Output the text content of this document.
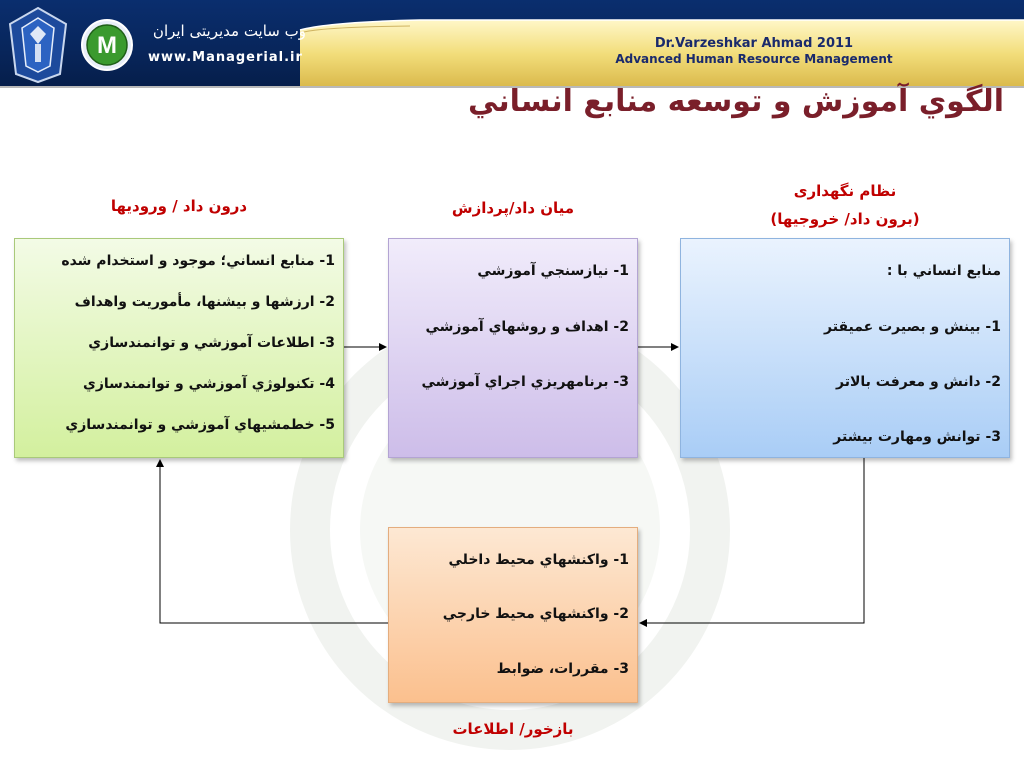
M
وب سایت مدیریتی ایران
www.Managerial.ir
Dr.Varzeshkar Ahmad 2011
Advanced Human Resource Management
الگوي آموزش و توسعه منابع انساني
درون داد / وروديها	ميان داد/پردازش
نظام نگهداری
(برون داد/ خروجيها)
بازخور/ اطلاعات
1- منابع انساني؛ موجود و استخدام شده
2- ارزشها و بيشنها، مأموريت واهداف
3- اطلاعات آموزشي و توانمندسازي
4- تكنولوژي آموزشي و توانمندسازي
5- خطمشيهاي آموزشي و توانمندسازي
1- نيازسنجي آموزشي
2- اهداف و روشهاي آموزشي
3- برنامهريزي اجراي آموزشي
منابع انساني با :
1- بينش و بصيرت عميقتر
2- دانش و معرفت بالاتر
3- توانش ومهارت بيشتر
1- واكنشهاي محيط داخلي
2- واكنشهاي محيط خارجي
3- مقررات، ضوابط
